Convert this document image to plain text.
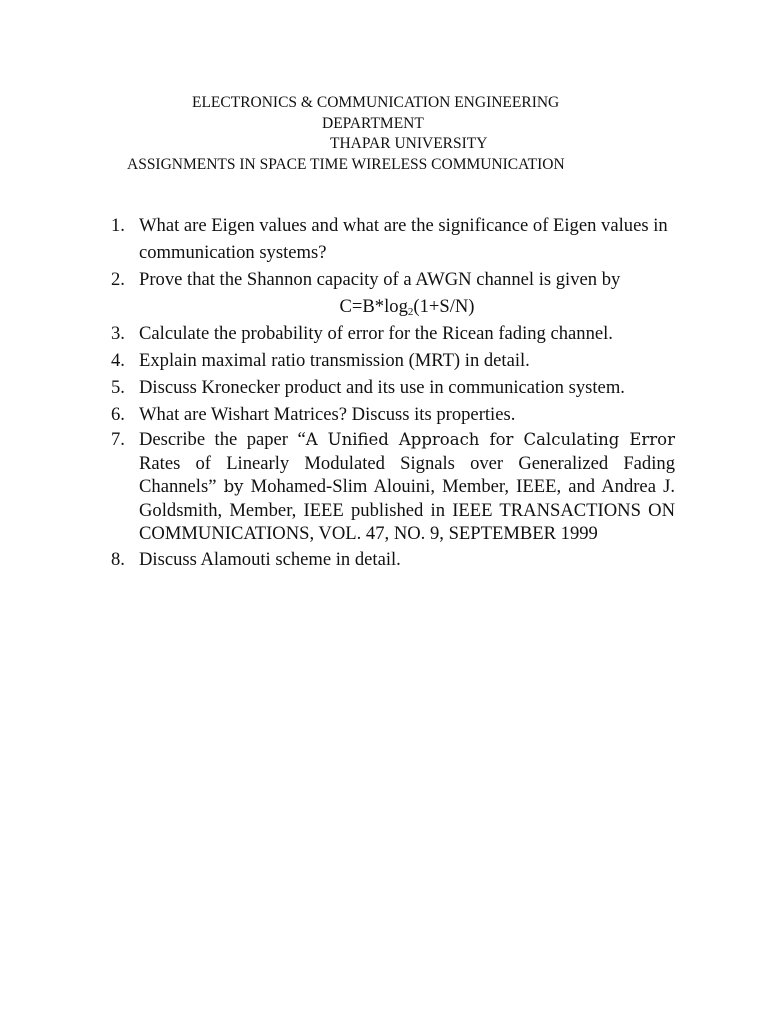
ELECTRONICS & COMMUNICATION ENGINEERING
DEPARTMENT
THAPAR UNIVERSITY
ASSIGNMENTS IN SPACE TIME WIRELESS COMMUNICATION
1. What are Eigen values and what are the significance of Eigen values in communication systems?
2. Prove that the Shannon capacity of a AWGN channel is given by
$C=B*\log_2(1+S/N)$
3. Calculate the probability of error for the Ricean fading channel.
4. Explain maximal ratio transmission (MRT) in detail.
5. Discuss Kronecker product and its use in communication system.
6. What are Wishart Matrices? Discuss its properties.
7. Describe the paper “A Unified Approach for Calculating Error Rates of Linearly Modulated Signals over Generalized Fading Channels” by Mohamed-Slim Alouini, Member, IEEE, and Andrea J. Goldsmith, Member, IEEE published in IEEE TRANSACTIONS ON COMMUNICATIONS, VOL. 47, NO. 9, SEPTEMBER 1999
8. Discuss Alamouti scheme in detail.
